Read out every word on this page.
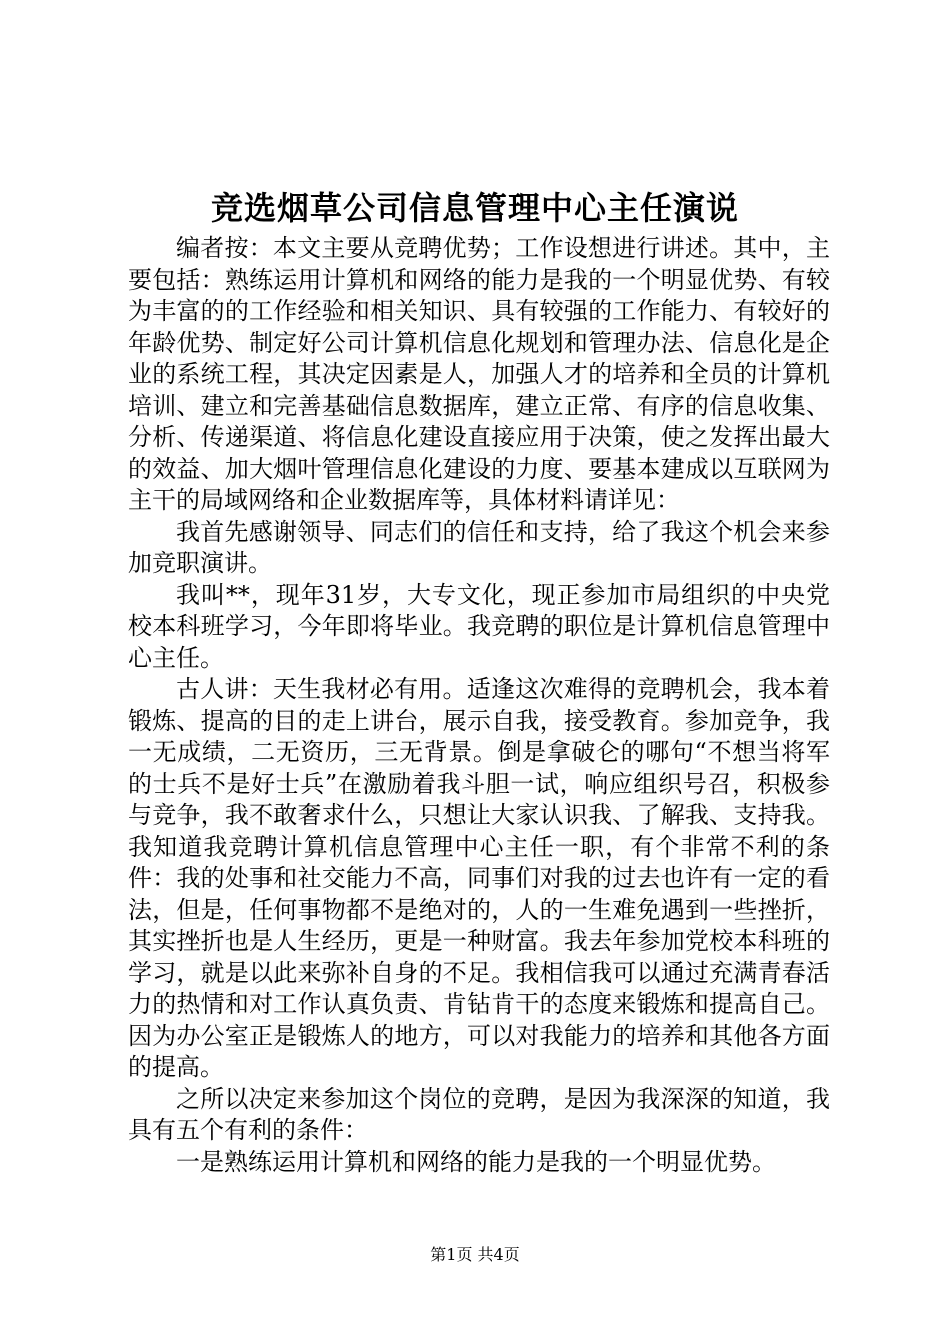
竞选烟草公司信息管理中心主任演说

编者按：本文主要从竞聘优势；工作设想进行讲述。其中，主要包括：熟练运用计算机和网络的能力是我的一个明显优势、有较为丰富的的工作经验和相关知识、具有较强的工作能力、有较好的年龄优势、制定好公司计算机信息化规划和管理办法、信息化是企业的系统工程，其决定因素是人，加强人才的培养和全员的计算机培训、建立和完善基础信息数据库，建立正常、有序的信息收集、分析、传递渠道、将信息化建设直接应用于决策，使之发挥出最大的效益、加大烟叶管理信息化建设的力度、要基本建成以互联网为主干的局域网络和企业数据库等，具体材料请详见：

我首先感谢领导、同志们的信任和支持，给了我这个机会来参加竞职演讲。

我叫**，现年31岁，大专文化，现正参加市局组织的中央党校本科班学习，今年即将毕业。我竞聘的职位是计算机信息管理中心主任。

古人讲：天生我材必有用。适逢这次难得的竞聘机会，我本着锻炼、提高的目的走上讲台，展示自我，接受教育。参加竞争，我一无成绩，二无资历，三无背景。倒是拿破仑的哪句“不想当将军的士兵不是好士兵”在激励着我斗胆一试，响应组织号召，积极参与竞争，我不敢奢求什么，只想让大家认识我、了解我、支持我。我知道我竞聘计算机信息管理中心主任一职，有个非常不利的条件：我的处事和社交能力不高，同事们对我的过去也许有一定的看法，但是，任何事物都不是绝对的，人的一生难免遇到一些挫折，其实挫折也是人生经历，更是一种财富。我去年参加党校本科班的学习，就是以此来弥补自身的不足。我相信我可以通过充满青春活力的热情和对工作认真负责、肯钻肯干的态度来锻炼和提高自己。因为办公室正是锻炼人的地方，可以对我能力的培养和其他各方面的提高。

之所以决定来参加这个岗位的竞聘，是因为我深深的知道，我具有五个有利的条件：

一是熟练运用计算机和网络的能力是我的一个明显优势。

第1页 共4页
